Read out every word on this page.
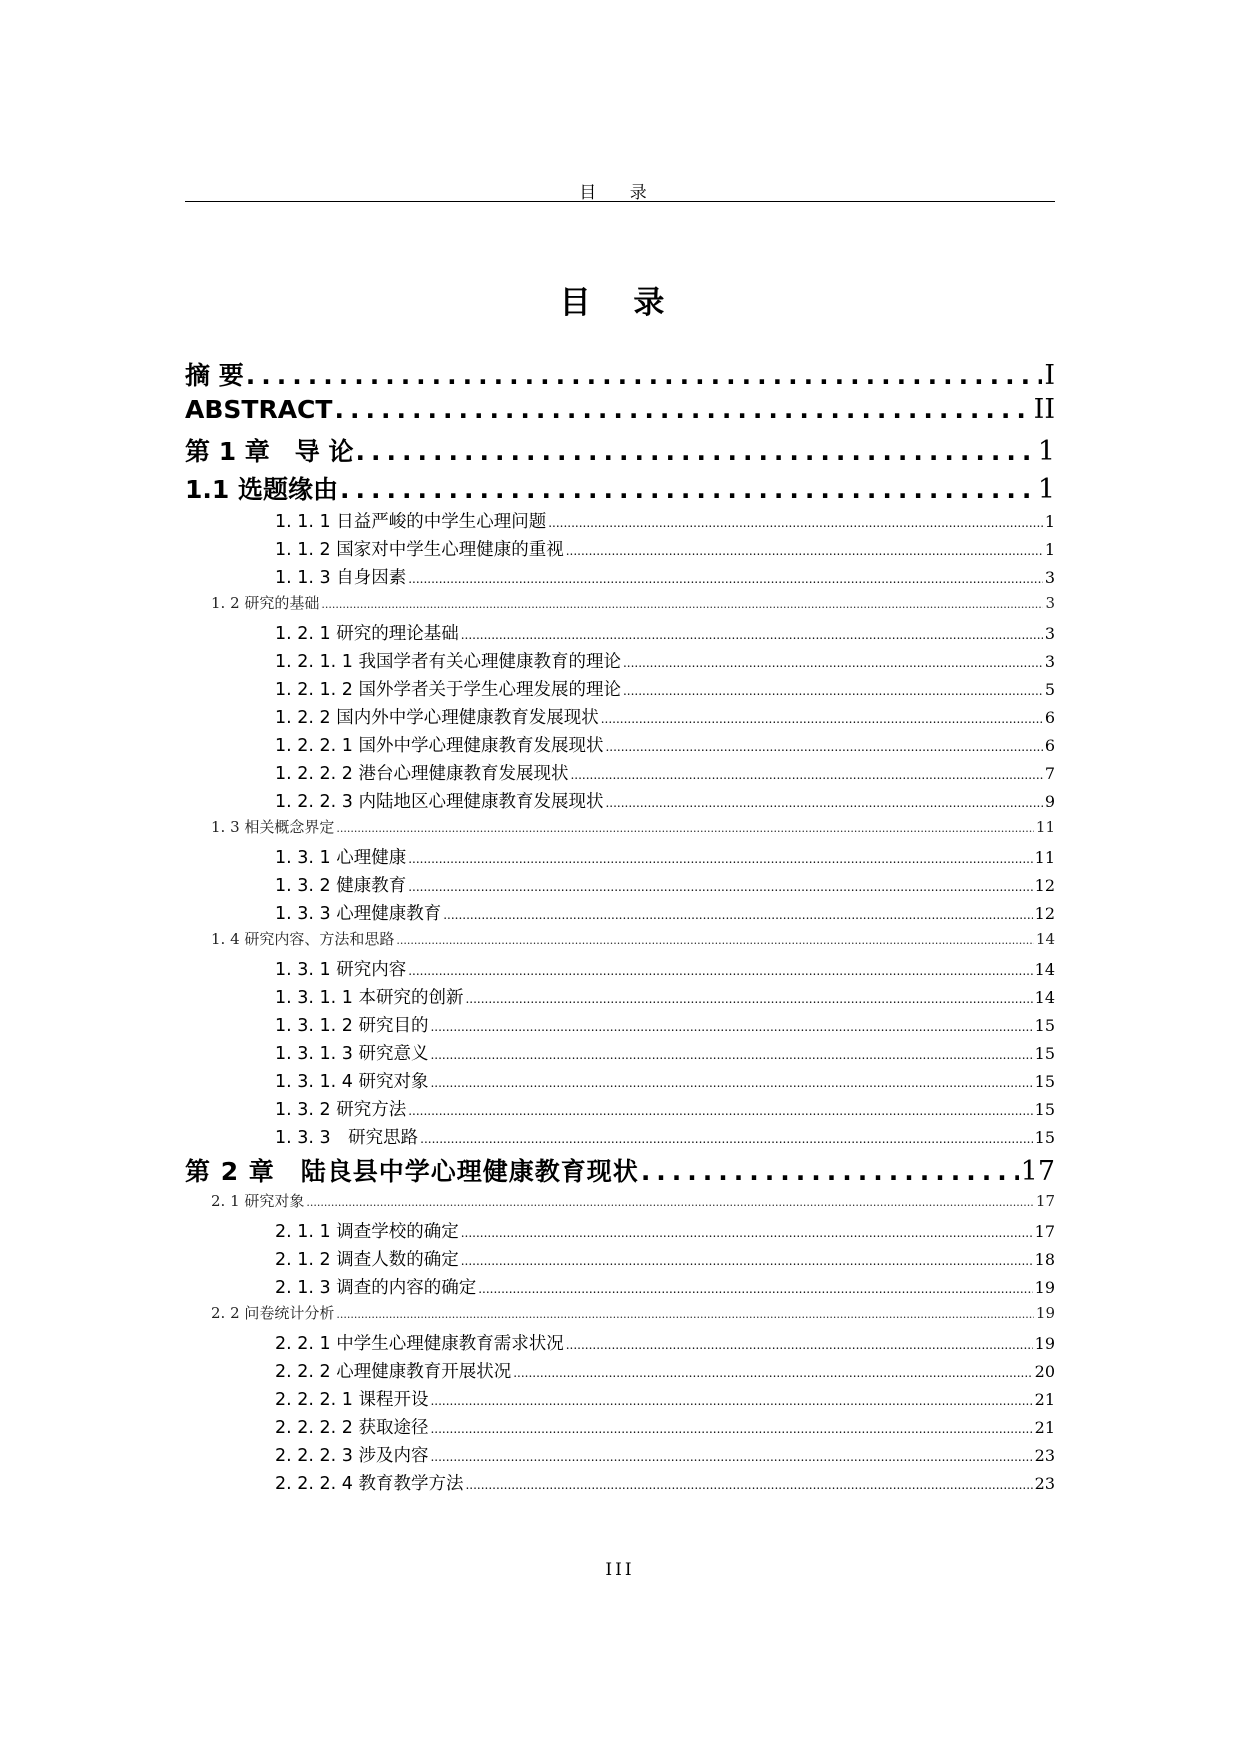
目 录
目 录
摘 要 .....	I
ABSTRACT .....	II
第 1 章　导 论 .....	1
1.1 选题缘由 .....	1
1. 1. 1 日益严峻的中学生心理问题 .....	1
1. 1. 2 国家对中学生心理健康的重视 .....	1
1. 1. 3 自身因素 .....	3
1. 2 研究的基础 .....	3
1. 2. 1 研究的理论基础 .....	3
1. 2. 1. 1 我国学者有关心理健康教育的理论 .....	3
1. 2. 1. 2 国外学者关于学生心理发展的理论 .....	5
1. 2. 2 国内外中学心理健康教育发展现状 .....	6
1. 2. 2. 1 国外中学心理健康教育发展现状 .....	6
1. 2. 2. 2 港台心理健康教育发展现状 .....	7
1. 2. 2. 3 内陆地区心理健康教育发展现状 .....	9
1. 3 相关概念界定 .....	11
1. 3. 1 心理健康 .....	11
1. 3. 2 健康教育 .....	12
1. 3. 3 心理健康教育 .....	12
1. 4 研究内容、方法和思路 .....	14
1. 3. 1 研究内容 .....	14
1. 3. 1. 1 本研究的创新 .....	14
1. 3. 1. 2 研究目的 .....	15
1. 3. 1. 3 研究意义 .....	15
1. 3. 1. 4 研究对象 .....	15
1. 3. 2 研究方法 .....	15
1. 3. 3　研究思路 .....	15
第 2 章　陆良县中学心理健康教育现状 .....	17
2. 1 研究对象 .....	17
2. 1. 1 调查学校的确定 .....	17
2. 1. 2 调查人数的确定 .....	18
2. 1. 3 调查的内容的确定 .....	19
2. 2 问卷统计分析 .....	19
2. 2. 1 中学生心理健康教育需求状况 .....	19
2. 2. 2 心理健康教育开展状况 .....	20
2. 2. 2. 1 课程开设 .....	21
2. 2. 2. 2 获取途径 .....	21
2. 2. 2. 3 涉及内容 .....	23
2. 2. 2. 4 教育教学方法 .....	23
III
